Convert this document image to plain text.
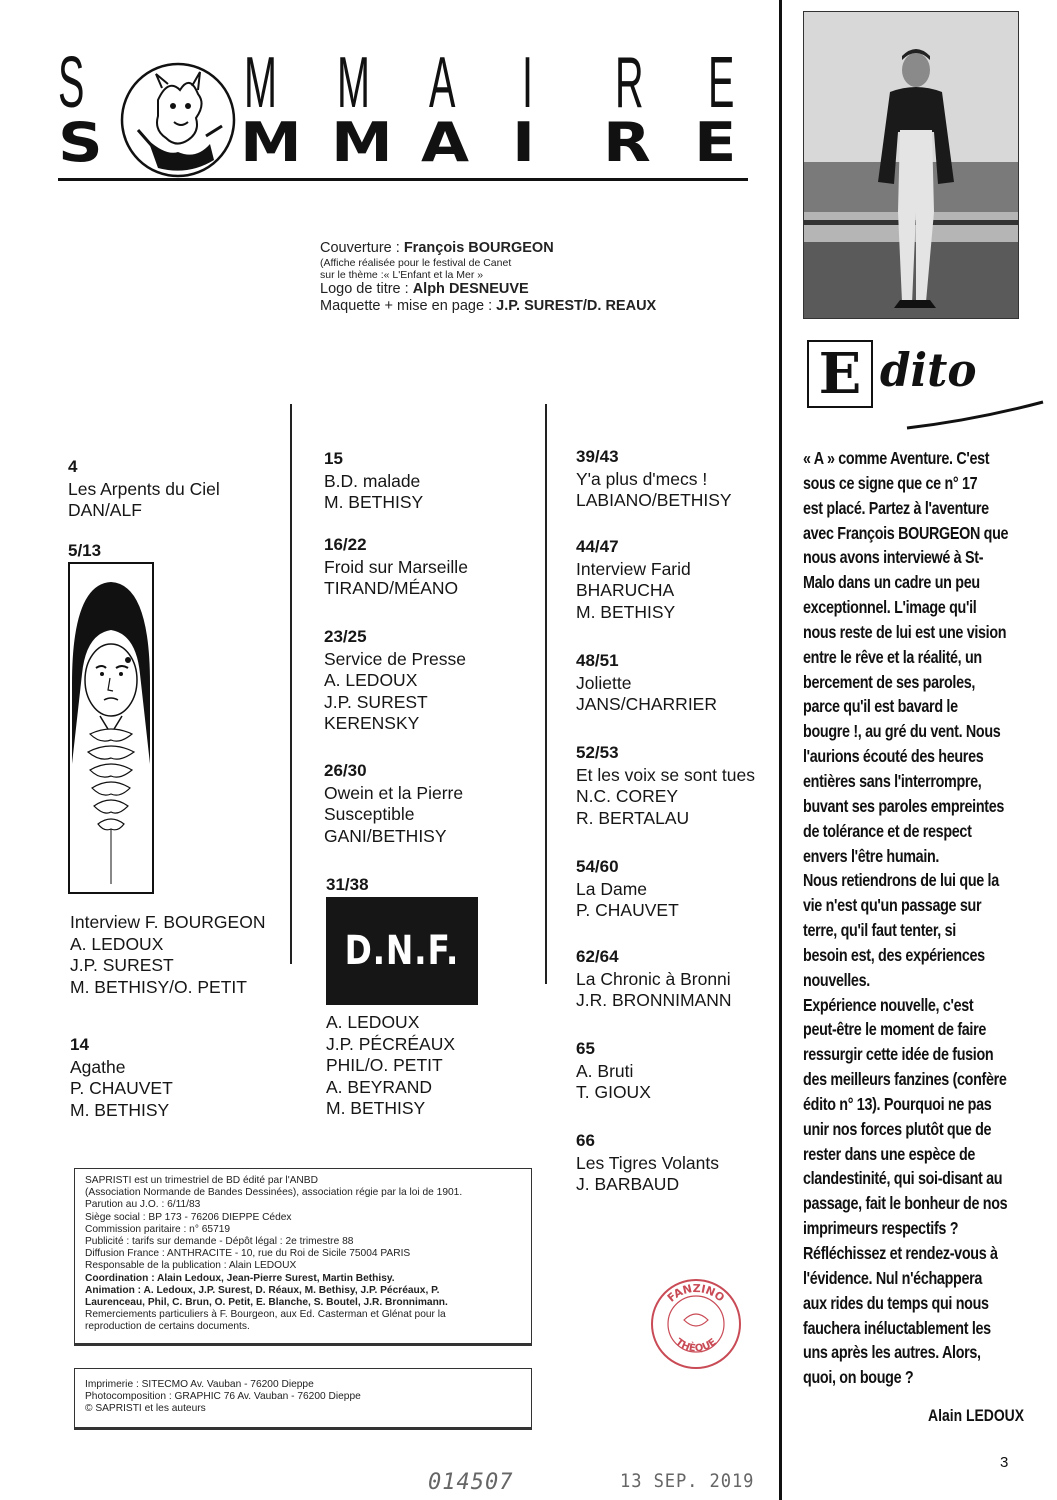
S M M A I R E
S	M M A I	R E
Couverture : François BOURGEON
(Affiche réalisée pour le festival de Canet
sur le thème :« L'Enfant et la Mer »
Logo de titre : Alph DESNEUVE
Maquette + mise en page : J.P. SUREST/D. REAUX
4
Les Arpents du Ciel
DAN/ALF
5/13
Interview F. BOURGEON
A. LEDOUX
J.P. SUREST
M. BETHISY/O. PETIT
14
Agathe
P. CHAUVET
M. BETHISY
15
B.D. malade
M. BETHISY
16/22
Froid sur Marseille
TIRAND/MÉANO
23/25
Service de Presse
A. LEDOUX
J.P. SUREST
KERENSKY
26/30
Owein et la Pierre
Susceptible
GANI/BETHISY
31/38
D.N.F.
A. LEDOUX
J.P. PÉCRÉAUX
PHIL/O. PETIT
A. BEYRAND
M. BETHISY
39/43
Y'a plus d'mecs !
LABIANO/BETHISY
44/47
Interview Farid
BHARUCHA
M. BETHISY
48/51
Joliette
JANS/CHARRIER
52/53
Et les voix se sont tues
N.C. COREY
R. BERTALAU
54/60
La Dame
P. CHAUVET
62/64
La Chronic à Bronni
J.R. BRONNIMANN
65
A. Bruti
T. GIOUX
66
Les Tigres Volants
J. BARBAUD
SAPRISTI est un trimestriel de BD édité par l'ANBD
(Association Normande de Bandes Dessinées), association régie par la loi de 1901.
Parution au J.O. : 6/11/83
Siège social : BP 173 - 76206 DIEPPE Cédex
Commission paritaire : n° 65719
Publicité : tarifs sur demande - Dépôt légal : 2e trimestre 88
Diffusion France : ANTHRACITE - 10, rue du Roi de Sicile 75004 PARIS
Responsable de la publication : Alain LEDOUX
Coordination : Alain Ledoux, Jean-Pierre Surest, Martin Bethisy.
Animation : A. Ledoux, J.P. Surest, D. Réaux, M. Bethisy, J.P. Pécréaux, P.
Laurenceau, Phil, C. Brun, O. Petit, E. Blanche, S. Boutel, J.R. Bronnimann.
Remerciements particuliers à F. Bourgeon, aux Ed. Casterman et Glénat pour la
reproduction de certains documents.
Imprimerie : SITECMO Av. Vauban - 76200 Dieppe
Photocomposition : GRAPHIC 76 Av. Vauban - 76200 Dieppe
© SAPRISTI et les auteurs
FANZINO
THÈQUE
E dito
« A » comme Aventure. C'est
sous ce signe que ce n° 17
est placé. Partez à l'aventure
avec François BOURGEON que
nous avons interviewé à St-
Malo dans un cadre un peu
exceptionnel. L'image qu'il
nous reste de lui est une vision
entre le rêve et la réalité, un
bercement de ses paroles,
parce qu'il est bavard le
bougre !, au gré du vent. Nous
l'aurions écouté des heures
entières sans l'interrompre,
buvant ses paroles empreintes
de tolérance et de respect
envers l'être humain.
Nous retiendrons de lui que la
vie n'est qu'un passage sur
terre, qu'il faut tenter, si
besoin est, des expériences
nouvelles.
Expérience nouvelle, c'est
peut-être le moment de faire
ressurgir cette idée de fusion
des meilleurs fanzines (confère
édito n° 13). Pourquoi ne pas
unir nos forces plutôt que de
rester dans une espèce de
clandestinité, qui soi-disant au
passage, fait le bonheur de nos
imprimeurs respectifs ?
Réfléchissez et rendez-vous à
l'évidence. Nul n'échappera
aux rides du temps qui nous
fauchera inéluctablement les
uns après les autres. Alors,
quoi, on bouge ?
Alain LEDOUX
3
014507	13 SEP. 2019
